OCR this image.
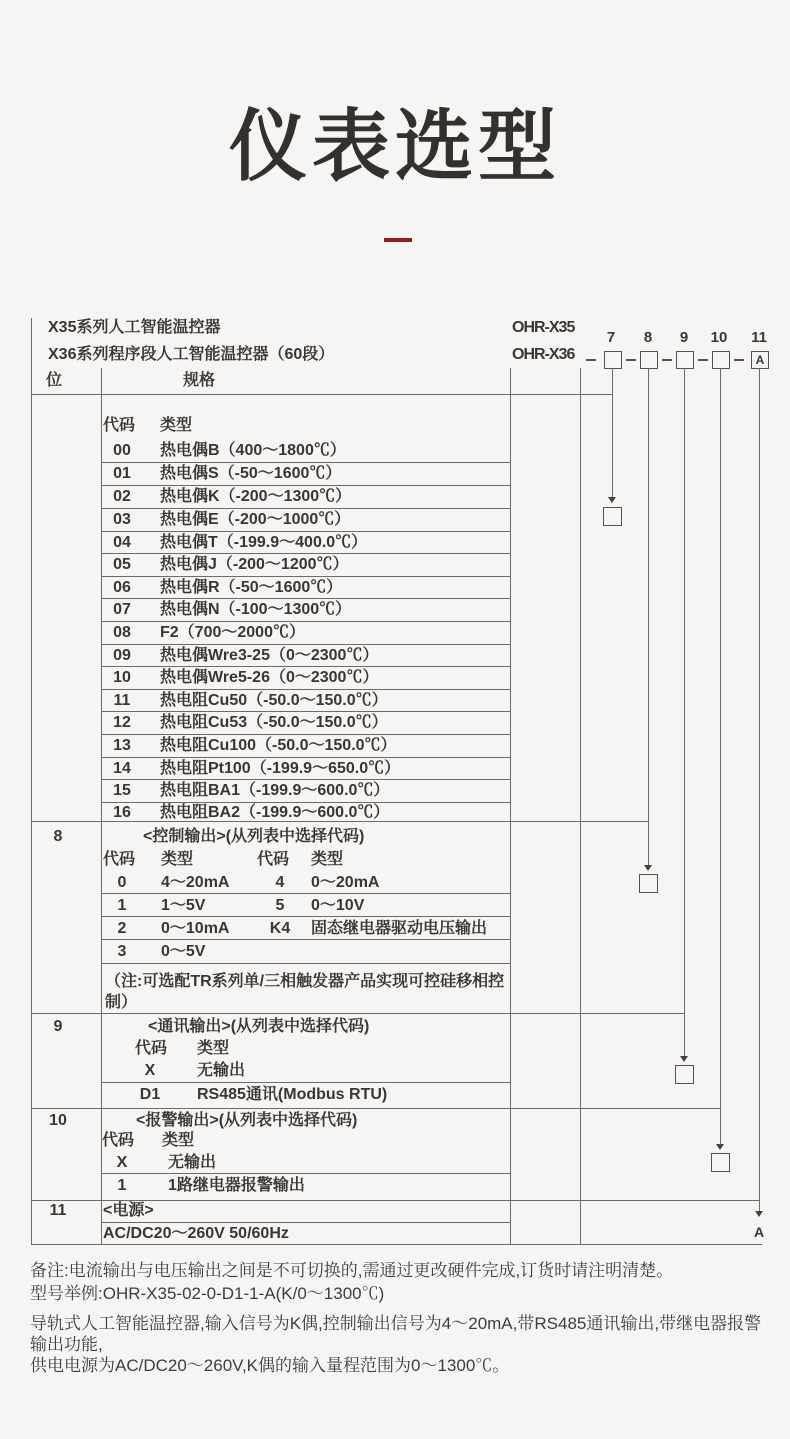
仪表选型
X35系列人工智能温控器
X36系列程序段人工智能温控器（60段）
OHR-X35
OHR-X36
7	8	9	10 11
A
A
位	规格
代码 类型
00	热电偶B（400～1800℃）
01	热电偶S（-50～1600℃）
02	热电偶K（-200～1300℃）
03	热电偶E（-200～1000℃）
04	热电偶T（-199.9～400.0℃）
05	热电偶J（-200～1200℃）
06	热电偶R（-50～1600℃）
07	热电偶N（-100～1300℃）
08	F2（700～2000℃）
09	热电偶Wre3-25（0～2300℃）
10	热电偶Wre5-26（0～2300℃）
11	热电阻Cu50（-50.0～150.0℃）
12	热电阻Cu53（-50.0～150.0℃）
13	热电阻Cu100（-50.0～150.0℃）
14	热电阻Pt100（-199.9～650.0℃）
15	热电阻BA1（-199.9～600.0℃）
16	热电阻BA2（-199.9～600.0℃）
8	<控制输出>(从列表中选择代码)
代码 类型	代码 类型
0	4～20mA	4	0～20mA
1	1～5V	5	0～10V
2	0～10mA	K4	固态继电器驱动电压输出
3	0～5V
（注:可选配TR系列单/三相触发器产品实现可控硅移相控制）
9	<通讯输出>(从列表中选择代码)
代码 类型
X	无输出
D1	RS485通讯(Modbus RTU)
10	<报警输出>(从列表中选择代码)
代码 类型
X	无输出
1	1路继电器报警输出
11	<电源>
AC/DC20～260V 50/60Hz
备注:电流输出与电压输出之间是不可切换的,需通过更改硬件完成,订货时请注明清楚。
型号举例:OHR-X35-02-0-D1-1-A(K/0～1300℃)
导轨式人工智能温控器,输入信号为K偶,控制输出信号为4～20mA,带RS485通讯输出,带继电器报警输出功能,
供电电源为AC/DC20～260V,K偶的输入量程范围为0～1300℃。
